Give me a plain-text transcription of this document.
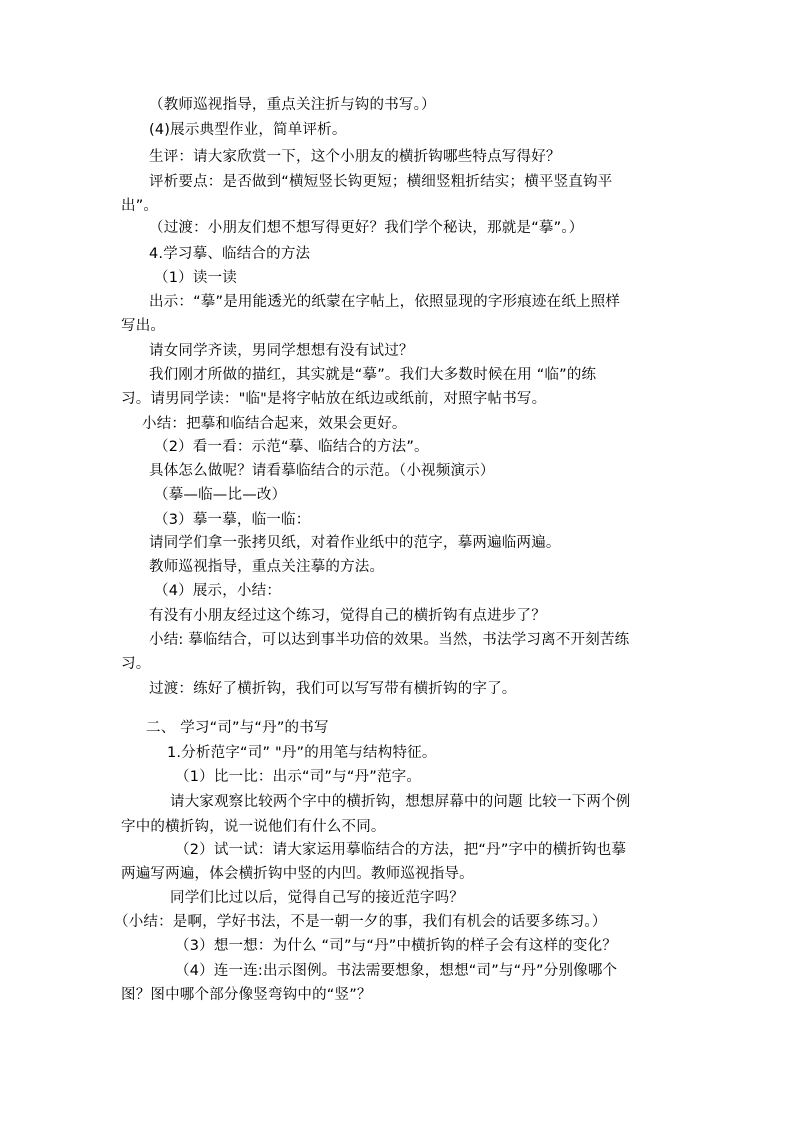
（教师巡视指导，重点关注折与钩的书写。）
(4)展示典型作业，简单评析。
生评：请大家欣赏一下，这个小朋友的横折钩哪些特点写得好？
评析要点：是否做到“横短竖长钩更短；横细竖粗折结实；横平竖直钩平
出”。
（过渡：小朋友们想不想写得更好？我们学个秘诀，那就是“摹”。）
4.学习摹、临结合的方法
（1）读一读
出示：“摹”是用能透光的纸蒙在字帖上，依照显现的字形痕迹在纸上照样
写出。
请女同学齐读，男同学想想有没有试过？
我们刚才所做的描红，其实就是“摹”。我们大多数时候在用 “临”的练
习。请男同学读："临"是将字帖放在纸边或纸前，对照字帖书写。
小结：把摹和临结合起来，效果会更好。
（2）看一看：示范“摹、临结合的方法”。
具体怎么做呢？请看摹临结合的示范。（小视频演示）
（摹—临—比—改）
（3）摹一摹，临一临：
请同学们拿一张拷贝纸，对着作业纸中的范字，摹两遍临两遍。
教师巡视指导，重点关注摹的方法。
（4）展示，小结：
有没有小朋友经过这个练习，觉得自己的横折钩有点进步了？
小结: 摹临结合，可以达到事半功倍的效果。当然，书法学习离不开刻苦练
习。
过渡：练好了横折钩，我们可以写写带有横折钩的字了。
二、 学习“司”与“丹”的书写
1.分析范字“司” "丹”的用笔与结构特征。
（1）比一比：出示“司”与“丹”范字。
请大家观察比较两个字中的横折钩，想想屏幕中的问题 比较一下两个例
字中的横折钩，说一说他们有什么不同。
（2）试一试：请大家运用摹临结合的方法，把“丹”字中的横折钩也摹
两遍写两遍，体会横折钩中竖的内凹。教师巡视指导。
同学们比过以后，觉得自己写的接近范字吗？
（小结：是啊，学好书法，不是一朝一夕的事，我们有机会的话要多练习。）
（3）想一想：为什么 “司”与“丹”中横折钩的样子会有这样的变化？
（4）连一连:出示图例。书法需要想象，想想“司”与“丹”分别像哪个
图？图中哪个部分像竖弯钩中的“竖”？
